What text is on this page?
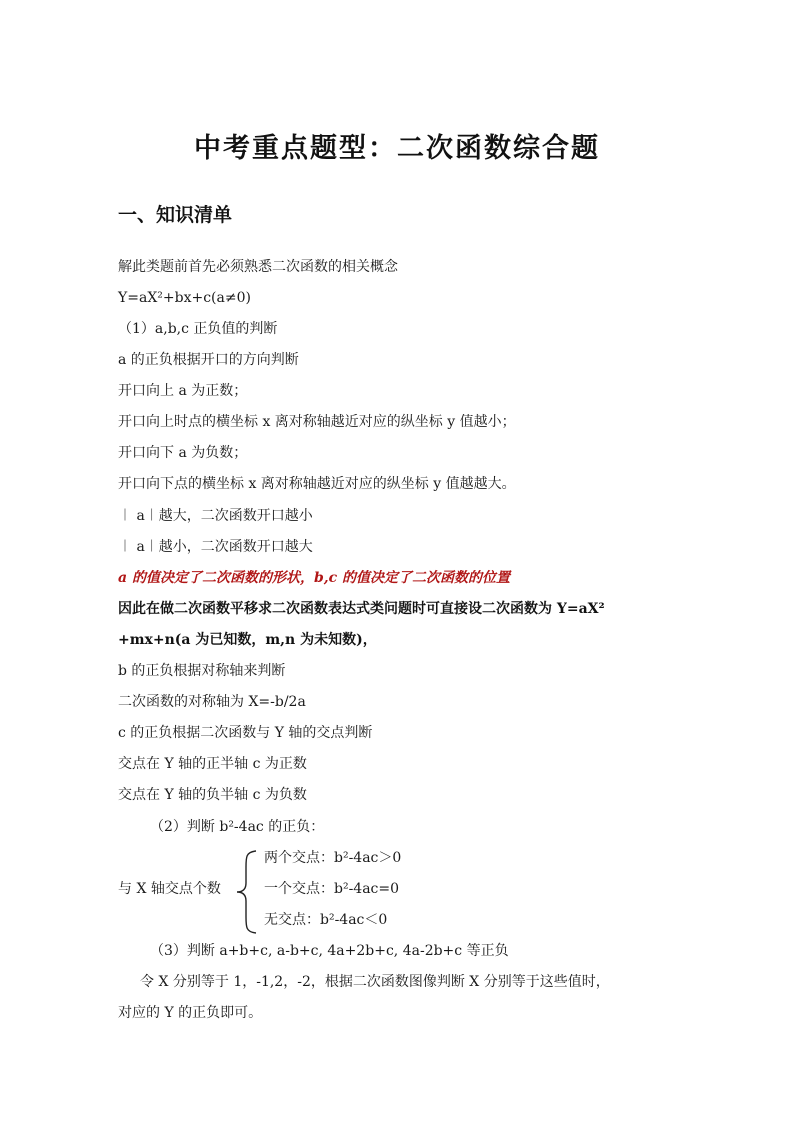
中考重点题型：二次函数综合题
一、知识清单
解此类题前首先必须熟悉二次函数的相关概念
Y=aX²+bx+c(a≠0)
（1）a,b,c 正负值的判断
a 的正负根据开口的方向判断
开口向上 a 为正数；
开口向上时点的横坐标 x 离对称轴越近对应的纵坐标 y 值越小；
开口向下 a 为负数；
开口向下点的横坐标 x 离对称轴越近对应的纵坐标 y 值越越大。
︱ a︱越大，二次函数开口越小
︱ a︱越小，二次函数开口越大
a 的值决定了二次函数的形状，b,c 的值决定了二次函数的位置
因此在做二次函数平移求二次函数表达式类问题时可直接设二次函数为 Y=aX²
+mx+n(a 为已知数，m,n 为未知数)，
b 的正负根据对称轴来判断
二次函数的对称轴为 X=-b/2a
c 的正负根据二次函数与 Y 轴的交点判断
交点在 Y 轴的正半轴 c 为正数
交点在 Y 轴的负半轴 c 为负数
（2）判断 b²-4ac 的正负：
两个交点：b²-4ac＞0
与 X 轴交点个数	一个交点：b²-4ac=0
无交点：b²-4ac＜0
（3）判断 a+b+c, a-b+c, 4a+2b+c, 4a-2b+c 等正负
令 X 分别等于 1，-1,2，-2，根据二次函数图像判断 X 分别等于这些值时，
对应的 Y 的正负即可。
